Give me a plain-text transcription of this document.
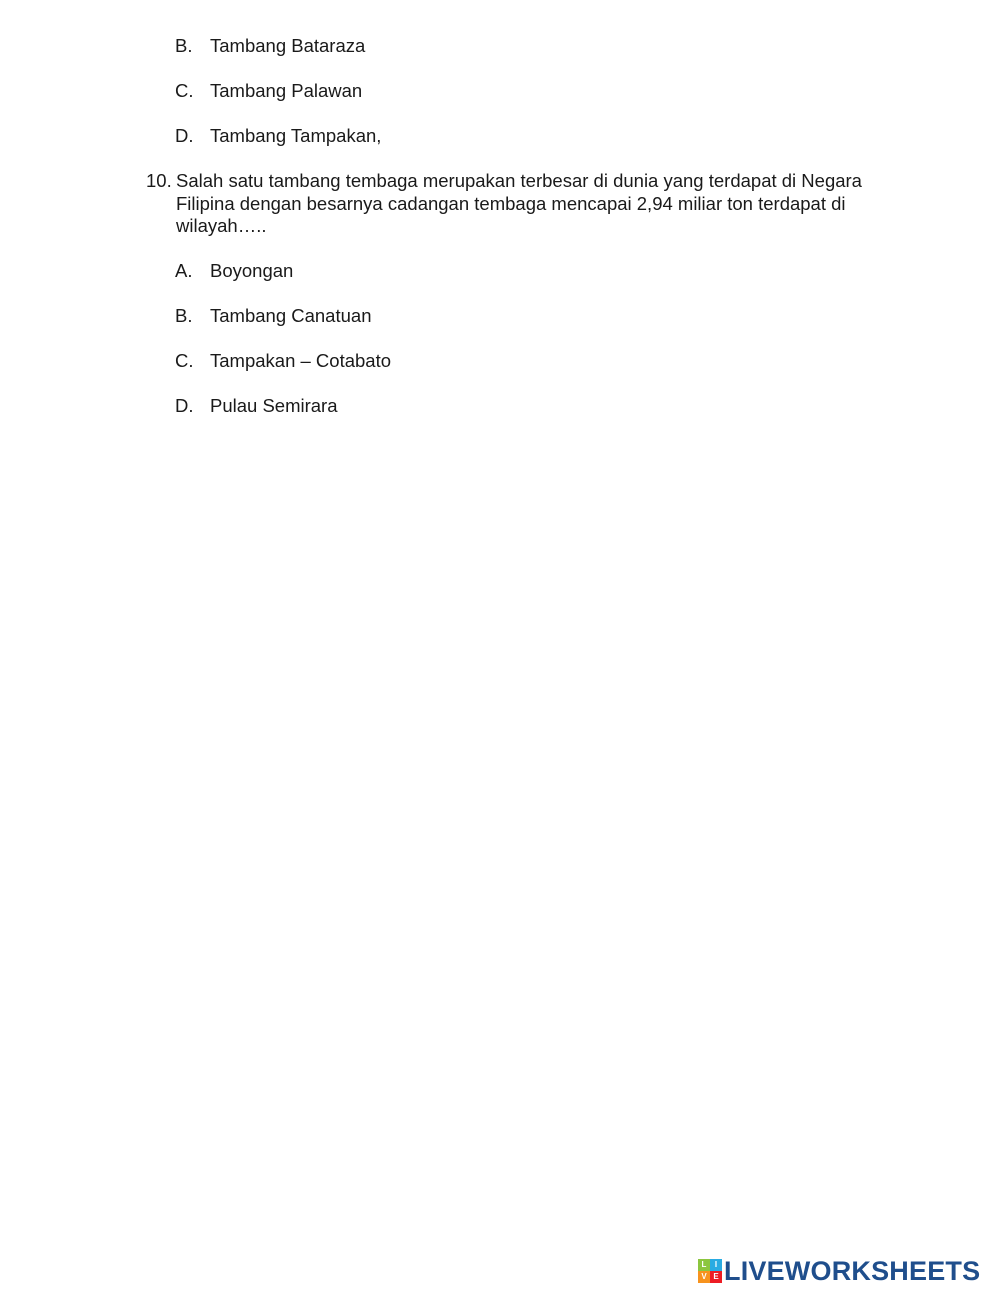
B. Tambang Bataraza
C. Tambang Palawan
D. Tambang Tampakan,
10. Salah satu tambang tembaga merupakan terbesar di dunia yang terdapat di Negara Filipina dengan besarnya cadangan tembaga mencapai 2,94 miliar ton terdapat di wilayah…..
A. Boyongan
B. Tambang Canatuan
C. Tampakan – Cotabato
D. Pulau Semirara
L	I
V E LIVEWORKSHEETS
